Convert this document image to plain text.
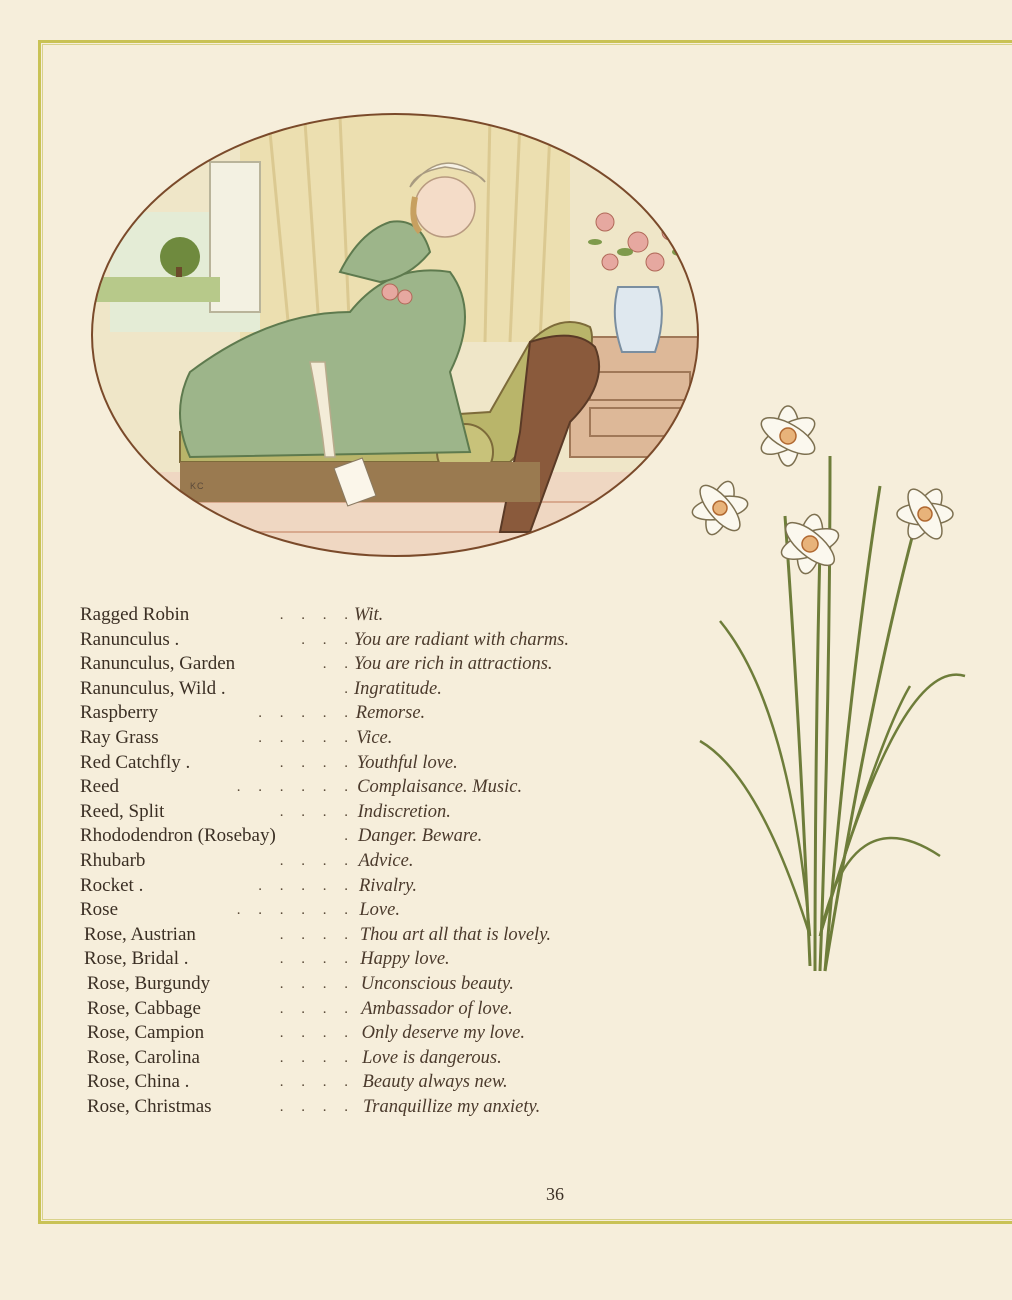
KC
Ragged Robin	. . . . Wit.
Ranunculus .	. . . You are radiant with charms.
Ranunculus, Garden	. . You are rich in attractions.
Ranunculus, Wild .	. Ingratitude.
Raspberry	. . . . . Remorse.
Ray Grass	. . . . . Vice.
Red Catchfly .	. . . . Youthful love.
Reed	. . . . . . Complaisance. Music.
Reed, Split	. . . . Indiscretion.
Rhododendron (Rosebay)	. Danger. Beware.
Rhubarb	. . . . Advice.
Rocket .	. . . . . Rivalry.
Rose	. . . . . . Love.
Rose, Austrian	. . . . Thou art all that is lovely.
Rose, Bridal .	. . . . Happy love.
Rose, Burgundy	. . . . Unconscious beauty.
Rose, Cabbage	. . . . Ambassador of love.
Rose, Campion	. . . . Only deserve my love.
Rose, Carolina	. . . . Love is dangerous.
Rose, China .	. . . . Beauty always new.
Rose, Christmas	. . . . Tranquillize my anxiety.
36
